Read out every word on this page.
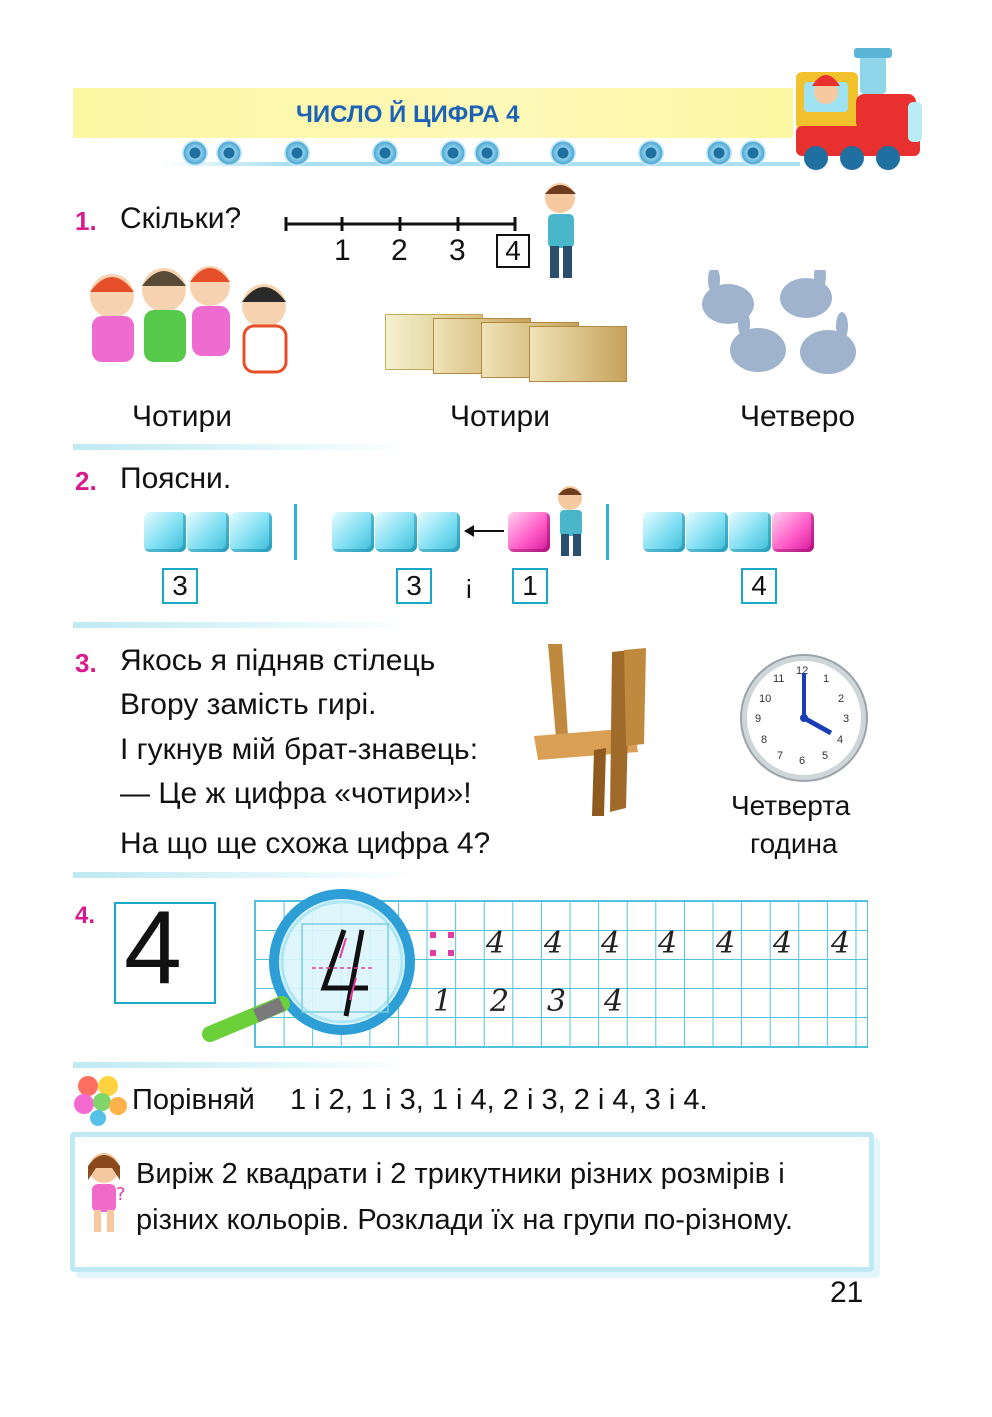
ЧИСЛО Й ЦИФРА 4
1. Скільки?
1 2 3	4
Чотири	Чотири	Четверо
2. Поясни.
3	3	і	1	4
3. Якось я підняв стілець
Вгору замість гирі.
І гукнув мій брат-знавець:
— Це ж цифра «чотири»!
На що ще схожа цифра 4?
12
1
2
3
4
5
6
7
8
9
10
11
Четверта
година
4. 4	4 4 4 4 4 4 4
1 2 3 4
Порівняй 1 і 2, 1 і 3, 1 і 4, 2 і 3, 2 і 4, 3 і 4.
?
Виріж 2 квадрати і 2 трикутники різних розмірів і
різних кольорів. Розклади їх на групи по-різному.
21
